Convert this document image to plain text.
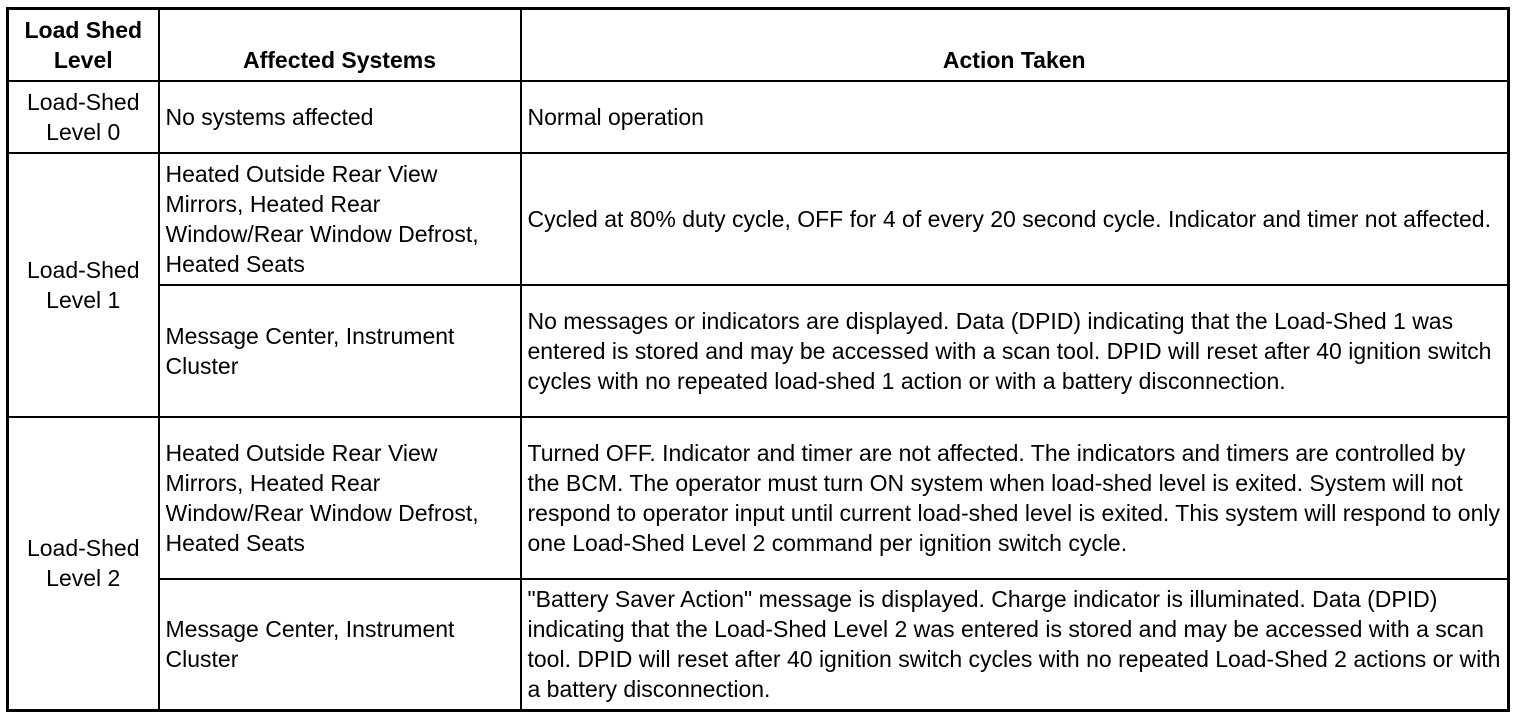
Load Shed Level	Affected Systems	Action Taken
Load-Shed Level 0	No systems affected	Normal operation
Load-Shed Level 1	Heated Outside Rear View Mirrors, Heated Rear Window/Rear Window Defrost, Heated Seats	Cycled at 80% duty cycle, OFF for 4 of every 20 second cycle. Indicator and timer not affected.
	Message Center, Instrument Cluster	No messages or indicators are displayed. Data (DPID) indicating that the Load-Shed 1 was entered is stored and may be accessed with a scan tool. DPID will reset after 40 ignition switch cycles with no repeated load-shed 1 action or with a battery disconnection.
Load-Shed Level 2	Heated Outside Rear View Mirrors, Heated Rear Window/Rear Window Defrost, Heated Seats	Turned OFF. Indicator and timer are not affected. The indicators and timers are controlled by the BCM. The operator must turn ON system when load-shed level is exited. System will not respond to operator input until current load-shed level is exited. This system will respond to only one Load-Shed Level 2 command per ignition switch cycle.
	Message Center, Instrument Cluster	"Battery Saver Action" message is displayed. Charge indicator is illuminated. Data (DPID) indicating that the Load-Shed Level 2 was entered is stored and may be accessed with a scan tool. DPID will reset after 40 ignition switch cycles with no repeated Load-Shed 2 actions or with a battery disconnection.
